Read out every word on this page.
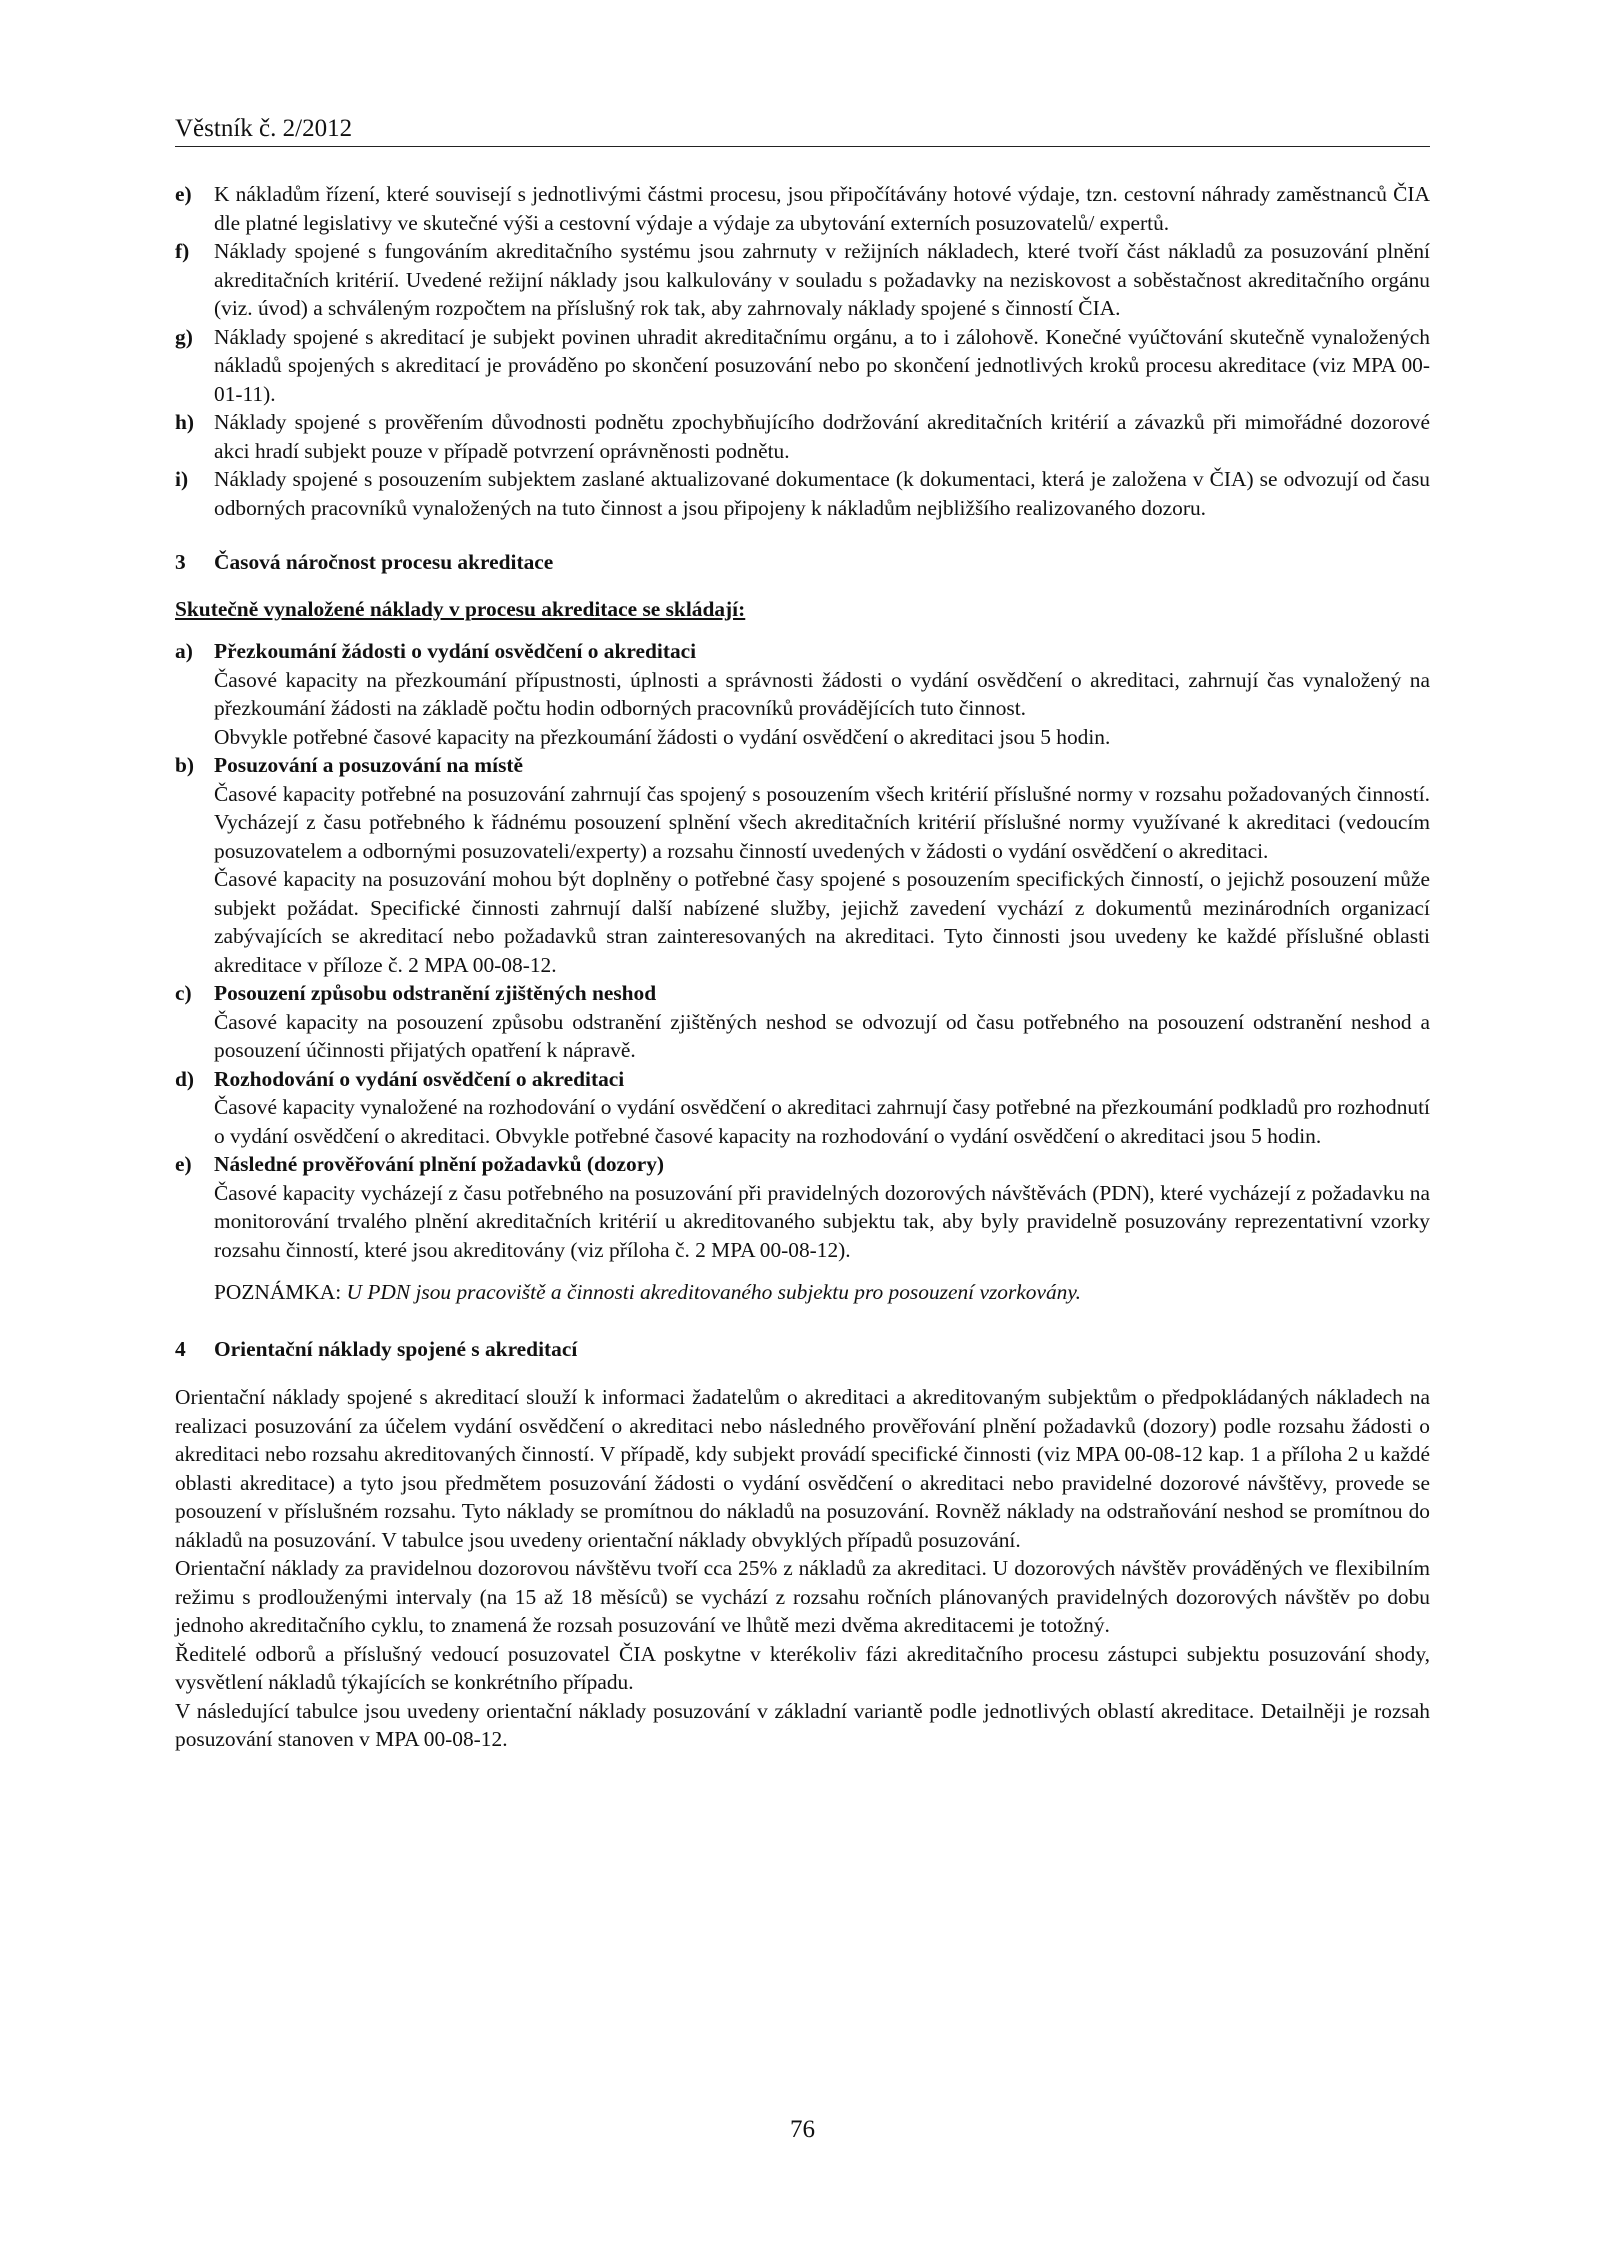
Věstník č. 2/2012
e)	K nákladům řízení, které souvisejí s jednotlivými částmi procesu, jsou připočítávány hotové výdaje, tzn. cestovní náhrady zaměstnanců ČIA dle platné legislativy ve skutečné výši a cestovní výdaje a výdaje za ubytování externích posuzovatelů/ expertů.
f)	Náklady spojené s fungováním akreditačního systému jsou zahrnuty v režijních nákladech, které tvoří část nákladů za posuzování plnění akreditačních kritérií. Uvedené režijní náklady jsou kalkulovány v souladu s požadavky na neziskovost a soběstačnost akreditačního orgánu (viz. úvod) a schváleným rozpočtem na příslušný rok tak, aby zahrnovaly náklady spojené s činností ČIA.
g) Náklady spojené s akreditací je subjekt povinen uhradit akreditačnímu orgánu, a to i zálohově. Konečné vyúčtování skutečně vynaložených nákladů spojených s akreditací je prováděno po skončení posuzování nebo po skončení jednotlivých kroků procesu akreditace (viz MPA 00-01-11).
h) Náklady spojené s prověřením důvodnosti podnětu zpochybňujícího dodržování akreditačních kritérií a závazků při mimořádné dozorové akci hradí subjekt pouze v případě potvrzení oprávněnosti podnětu.
i)	Náklady spojené s posouzením subjektem zaslané aktualizované dokumentace (k dokumentaci, která je založena v ČIA) se odvozují od času odborných pracovníků vynaložených na tuto činnost a jsou připojeny k nákladům nejbližšího realizovaného dozoru.
3	Časová náročnost procesu akreditace

Skutečně vynaložené náklady v procesu akreditace se skládají:

a) Přezkoumání žádosti o vydání osvědčení o akreditaci

Časové kapacity na přezkoumání přípustnosti, úplnosti a správnosti žádosti o vydání osvědčení o akreditaci, zahrnují čas vynaložený na přezkoumání žádosti na základě počtu hodin odborných pracovníků provádějících tuto činnost.

Obvykle potřebné časové kapacity na přezkoumání žádosti o vydání osvědčení o akreditaci jsou 5 hodin.

b) Posuzování a posuzování na místě

Časové kapacity potřebné na posuzování zahrnují čas spojený s posouzením všech kritérií příslušné normy v rozsahu požadovaných činností. Vycházejí z času potřebného k řádnému posouzení splnění všech akreditačních kritérií příslušné normy využívané k akreditaci (vedoucím posuzovatelem a odbornými posuzovateli/experty) a rozsahu činností uvedených v žádosti o vydání osvědčení o akreditaci.

Časové kapacity na posuzování mohou být doplněny o potřebné časy spojené s posouzením specifických činností, o jejichž posouzení může subjekt požádat. Specifické činnosti zahrnují další nabízené služby, jejichž zavedení vychází z dokumentů mezinárodních organizací zabývajících se akreditací nebo požadavků stran zainteresovaných na akreditaci. Tyto činnosti jsou uvedeny ke každé příslušné oblasti akreditace v příloze č. 2 MPA 00-08-12.

c)	Posouzení způsobu odstranění zjištěných neshod

Časové kapacity na posouzení způsobu odstranění zjištěných neshod se odvozují od času potřebného na posouzení odstranění neshod a posouzení účinnosti přijatých opatření k nápravě.

d) Rozhodování o vydání osvědčení o akreditaci

Časové kapacity vynaložené na rozhodování o vydání osvědčení o akreditaci zahrnují časy potřebné na přezkoumání podkladů pro rozhodnutí o vydání osvědčení o akreditaci. Obvykle potřebné časové kapacity na rozhodování o vydání osvědčení o akreditaci jsou 5 hodin.

e)	Následné prověřování plnění požadavků (dozory)

Časové kapacity vycházejí z času potřebného na posuzování při pravidelných dozorových návštěvách (PDN), které vycházejí z požadavku na monitorování trvalého plnění akreditačních kritérií u akreditovaného subjektu tak, aby byly pravidelně posuzovány reprezentativní vzorky rozsahu činností, které jsou akreditovány (viz příloha č. 2 MPA 00-08-12).

POZNÁMKA: U PDN jsou pracoviště a činnosti akreditovaného subjektu pro posouzení vzorkovány.

4	Orientační náklady spojené s akreditací

Orientační náklady spojené s akreditací slouží k informaci žadatelům o akreditaci a akreditovaným subjektům o předpokládaných nákladech na realizaci posuzování za účelem vydání osvědčení o akreditaci nebo následného prověřování plnění požadavků (dozory) podle rozsahu žádosti o akreditaci nebo rozsahu akreditovaných činností. V případě, kdy subjekt provádí specifické činnosti (viz MPA 00-08-12 kap. 1 a příloha 2 u každé oblasti akreditace) a tyto jsou předmětem posuzování žádosti o vydání osvědčení o akreditaci nebo pravidelné dozorové návštěvy, provede se posouzení v příslušném rozsahu. Tyto náklady se promítnou do nákladů na posuzování. Rovněž náklady na odstraňování neshod se promítnou do nákladů na posuzování. V tabulce jsou uvedeny orientační náklady obvyklých případů posuzování.

Orientační náklady za pravidelnou dozorovou návštěvu tvoří cca 25% z nákladů za akreditaci. U dozorových návštěv prováděných ve flexibilním režimu s prodlouženými intervaly (na 15 až 18 měsíců) se vychází z rozsahu ročních plánovaných pravidelných dozorových návštěv po dobu jednoho akreditačního cyklu, to znamená že rozsah posuzování ve lhůtě mezi dvěma akreditacemi je totožný.

Ředitelé odborů a příslušný vedoucí posuzovatel ČIA poskytne v kterékoliv fázi akreditačního procesu zástupci subjektu posuzování shody, vysvětlení nákladů týkajících se konkrétního případu.

V následující tabulce jsou uvedeny orientační náklady posuzování v základní variantě podle jednotlivých oblastí akreditace. Detailněji je rozsah posuzování stanoven v MPA 00-08-12.

76
